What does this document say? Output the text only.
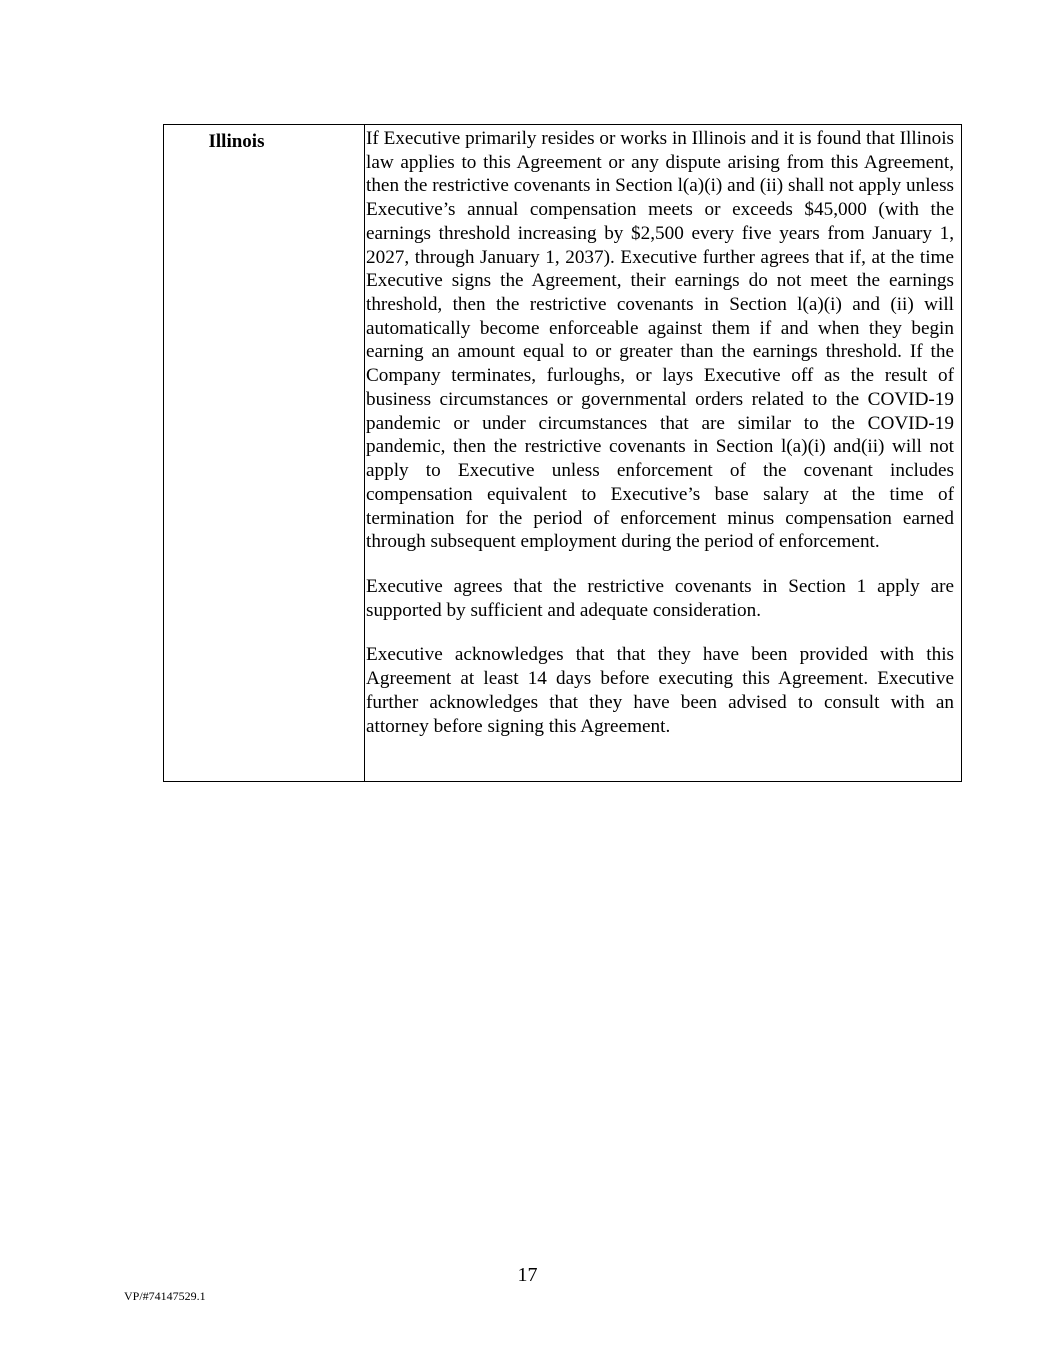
Illinois	If Executive primarily resides or works in Illinois and it is found that Illinois law applies to this Agreement or any dispute arising from this Agreement, then the restrictive covenants in Section l(a)(i) and (ii) shall not apply unless Executive’s annual compensation meets or exceeds $45,000 (with the earnings threshold increasing by $2,500 every five years from January 1, 2027, through January 1, 2037). Executive further agrees that if, at the time Executive signs the Agreement, their earnings do not meet the earnings threshold, then the restrictive covenants in Section l(a)(i) and (ii) will automatically become enforceable against them if and when they begin earning an amount equal to or greater than the earnings threshold. If the Company terminates, furloughs, or lays Executive off as the result of business circumstances or governmental orders related to the COVID-19 pandemic or under circumstances that are similar to the COVID-19 pandemic, then the restrictive covenants in Section l(a)(i) and(ii) will not apply to Executive unless enforcement of the covenant includes compensation equivalent to Executive’s base salary at the time of termination for the period of enforcement minus compensation earned through subsequent employment during the period of enforcement.

Executive agrees that the restrictive covenants in Section 1 apply are supported by sufficient and adequate consideration.

Executive acknowledges that that they have been provided with this Agreement at least 14 days before executing this Agreement. Executive further acknowledges that they have been advised to consult with an attorney before signing this Agreement.

17
VP/#74147529.1
